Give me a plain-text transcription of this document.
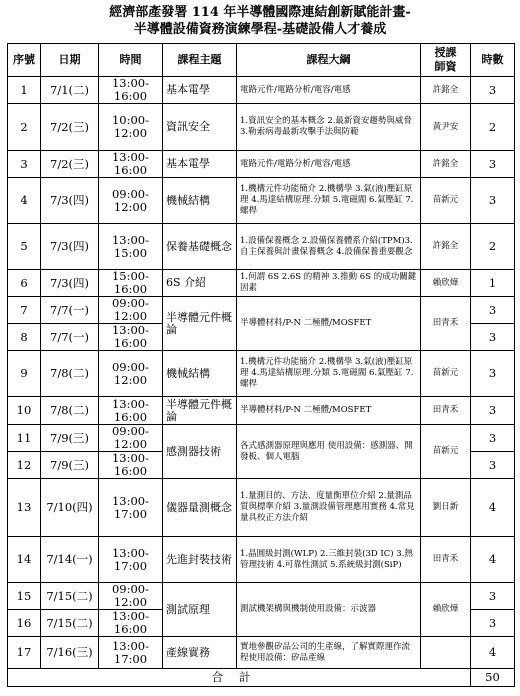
經濟部產發署 114 年半導體國際連結創新賦能計畫-
半導體設備資務演練學程-基礎設備人才養成
序號	日期	時間	課程主題	課程大綱	授課
師資	時數
1	7/1(二)	13:00-16:00	基本電學	電路元件/電路分析/電容/電感	許銘全	3
2	7/2(三)	10:00-12:00	資訊安全	1.資訊安全的基本概念 2.最新資安趨勢與威脅 3.勒索病毒最新攻擊手法與防範	黃尹安	2
3	7/2(三)	13:00-16:00	基本電學	電路元件/電路分析/電容/電感	許銘全	3
4	7/3(四)	09:00-12:00	機械結構	1.機構元件功能簡介 2.機構學 3.氣(液)壓缸原理 4.馬達結構原理.分類 5.電磁閥 6.氣壓缸 7.螺桿	苗新元	3
5	7/3(四)	13:00-15:00	保養基礎概念	1.設備保養概念 2.設備保養體系介紹(TPM)3.自主保養與計畫保養概念 4.設備保養重要觀念	許銘全	2
6	7/3(四)	15:00-16:00	6S 介紹	1.何謂 6S 2.6S 的精神 3.推動 6S 的成功關鍵因素	賴欣燁	1
7	7/7(一)	09:00-12:00	半導體元件概論	半導體材料/P-N 二極體/MOSFET	田青禾	3
8	7/7(一)	13:00-16:00				3
9	7/8(二)	09:00-12:00	機械結構	1.機構元件功能簡介 2.機構學 3.氣(液)壓缸原理 4.馬達結構原理.分類 5.電磁閥 6.氣壓缸 7.螺桿	苗新元	3
10	7/8(二)	13:00-16:00	半導體元件概論	半導體材料/P-N 二極體/MOSFET	田青禾	3
11	7/9(三)	09:00-12:00	感測器技術	各式感測器原理與應用 使用設備：感測器、開發板、個人電腦	苗新元	3
12	7/9(三)	13:00-16:00				3
13	7/10(四)	13:00-17:00	儀器量測概念	1.量測目的、方法、度量衡單位介紹 2.量測品質與標準介紹 3.量測設備管理應用實務 4.常見量具校正方法介紹	劉日新	4
14	7/14(一)	13:00-17:00	先進封裝技術	1.晶圓級封測(WLP) 2.三維封裝(3D IC) 3.熱管理技術 4.可靠性測試 5.系統級封測(SiP)	田青禾	4
15	7/15(二)	09:00-12:00	測試原理	測試機架構與機制使用設備：示波器	賴欣燁	3
16	7/15(二)	13:00-16:00				3
17	7/16(三)	13:00-17:00	產線實務	實地參觀矽品公司的生產線，了解實際運作流程使用設備：矽品產線		4
合計						50
